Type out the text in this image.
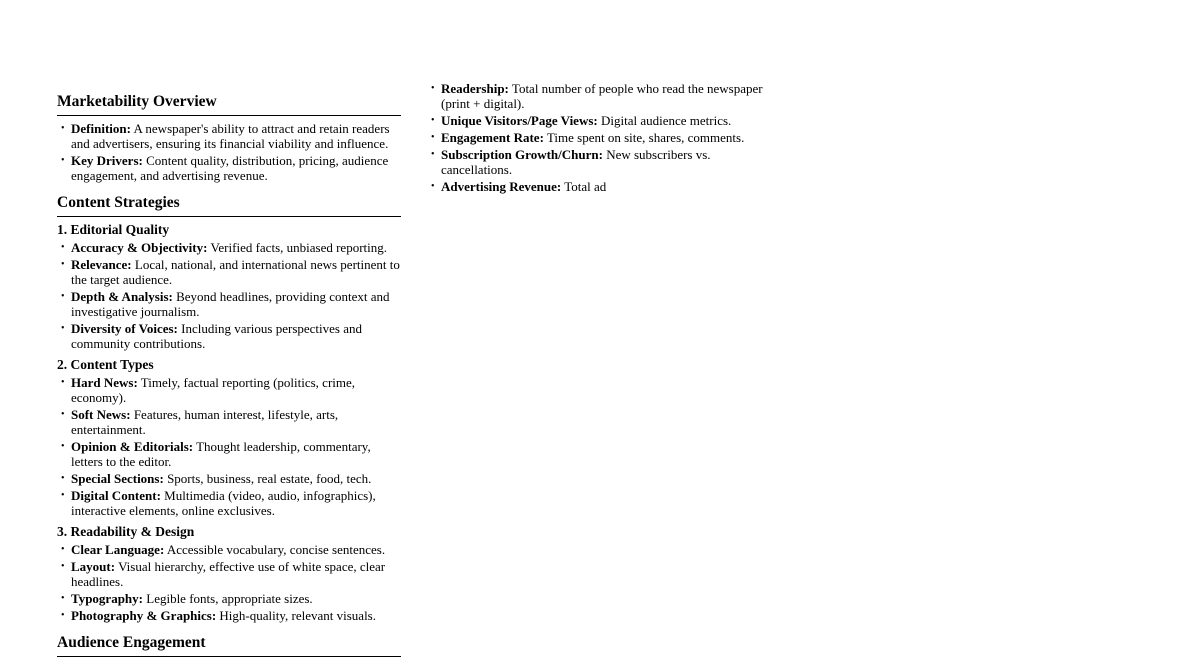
Marketability Overview
• Definition: A newspaper's ability to attract and retain readers and advertisers, ensuring its financial viability and influence.
• Key Drivers: Content quality, distribution, pricing, audience engagement, and advertising revenue.
Content Strategies
1. Editorial Quality
• Accuracy & Objectivity: Verified facts, unbiased reporting.
• Relevance: Local, national, and international news pertinent to the target audience.
• Depth & Analysis: Beyond headlines, providing context and investigative journalism.
• Diversity of Voices: Including various perspectives and community contributions.
2. Content Types
• Hard News: Timely, factual reporting (politics, crime, economy).
• Soft News: Features, human interest, lifestyle, arts, entertainment.
• Opinion & Editorials: Thought leadership, commentary, letters to the editor.
• Special Sections: Sports, business, real estate, food, tech.
• Digital Content: Multimedia (video, audio, infographics), interactive elements, online exclusives.
3. Readability & Design
• Clear Language: Accessible vocabulary, concise sentences.
• Layout: Visual hierarchy, effective use of white space, clear headlines.
• Typography: Legible fonts, appropriate sizes.
• Photography & Graphics: High-quality, relevant visuals.
Audience Engagement
• Readership: Total number of people who read the newspaper (print + digital).
• Unique Visitors/Page Views: Digital audience metrics.
• Engagement Rate: Time spent on site, shares, comments.
• Subscription Growth/Churn: New subscribers vs. cancellations.
• Advertising Revenue: Total ad
